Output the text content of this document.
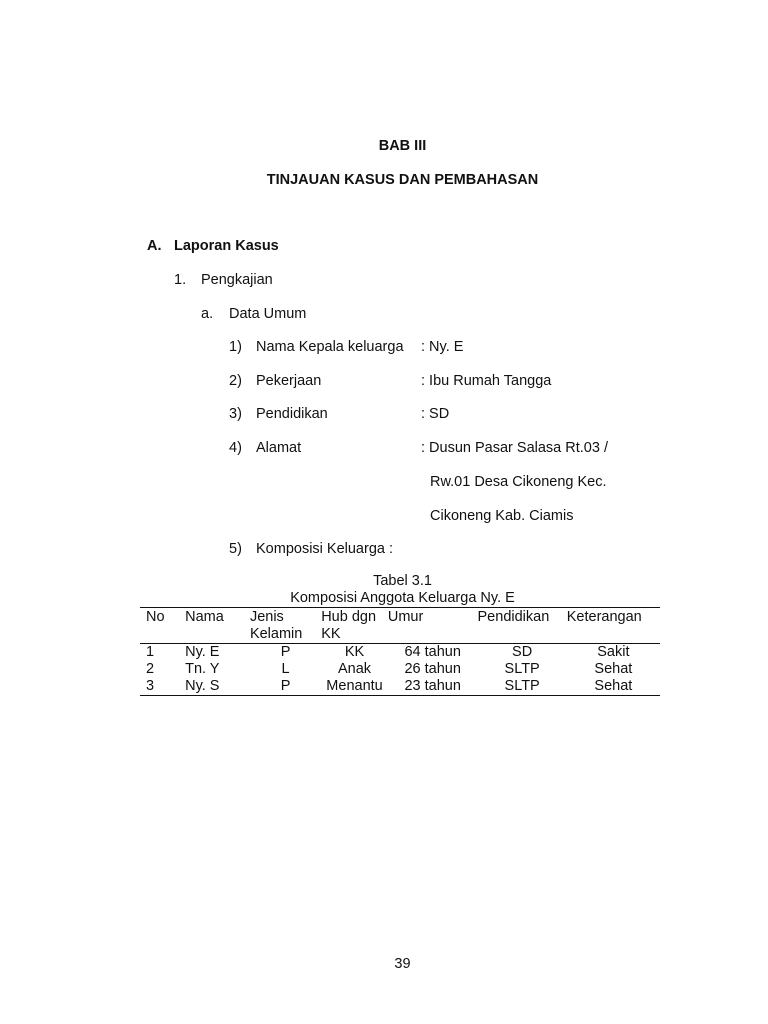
BAB III
TINJAUAN KASUS DAN PEMBAHASAN
A. Laporan Kasus
1. Pengkajian
a. Data Umum
1) Nama Kepala keluarga : Ny. E
2) Pekerjaan	: Ibu Rumah Tangga
3) Pendidikan	: SD
4) Alamat	: Dusun Pasar Salasa Rt.03 /
Rw.01 Desa Cikoneng Kec.
Cikoneng Kab. Ciamis
5) Komposisi Keluarga :
Tabel 3.1
Komposisi Anggota Keluarga Ny. E
No	Nama	Jenis Kelamin	Hub dgn KK	Umur	Pendidikan	Keterangan
1	Ny. E	P	KK	64 tahun	SD	Sakit
2	Tn. Y	L	Anak	26 tahun	SLTP	Sehat
3	Ny. S	P	Menantu	23 tahun	SLTP	Sehat
39
